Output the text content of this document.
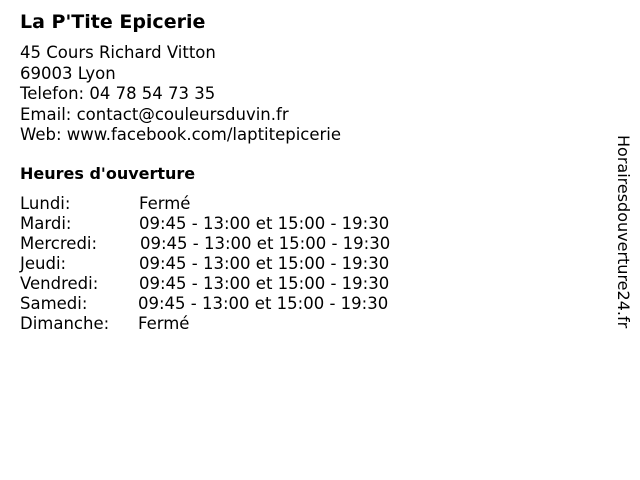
La P'Tite Epicerie
45 Cours Richard Vitton
69003 Lyon
Telefon: 04 78 54 73 35
Email: contact@couleursduvin.fr
Web: www.facebook.com/laptitepicerie
Heures d'ouverture
Lundi:	Fermé
Mardi:	09:45 - 13:00 et 15:00 - 19:30
Mercredi:	09:45 - 13:00 et 15:00 - 19:30
Jeudi:	09:45 - 13:00 et 15:00 - 19:30
Vendredi: 09:45 - 13:00 et 15:00 - 19:30
Samedi:	09:45 - 13:00 et 15:00 - 19:30
Dimanche: Fermé	Horairesdouverture24.fr
